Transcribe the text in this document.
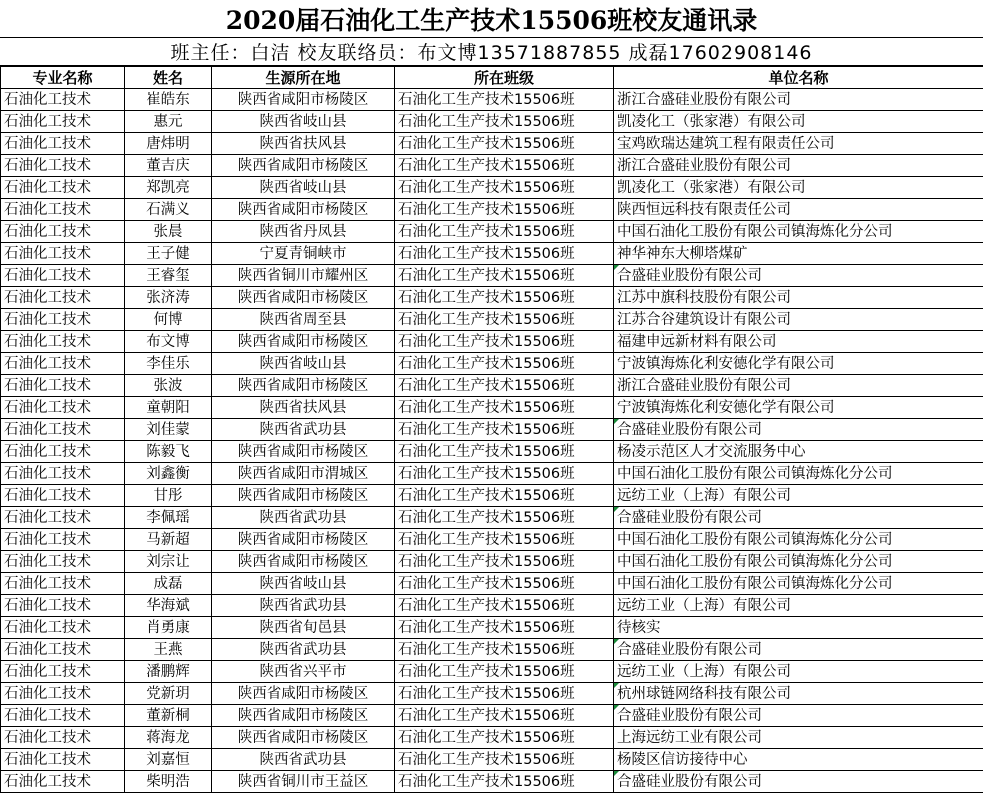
2020届石油化工生产技术15506班校友通讯录
班主任：白洁 校友联络员：布文博13571887855 成磊17602908146
专业名称	姓名	生源所在地	所在班级	单位名称
石油化工技术	崔皓东	陕西省咸阳市杨陵区	石油化工生产技术15506班	浙江合盛硅业股份有限公司
石油化工技术	惠元	陕西省岐山县	石油化工生产技术15506班	凯凌化工（张家港）有限公司
石油化工技术	唐炜明	陕西省扶风县	石油化工生产技术15506班	宝鸡欧瑞达建筑工程有限责任公司
石油化工技术	董吉庆	陕西省咸阳市杨陵区	石油化工生产技术15506班	浙江合盛硅业股份有限公司
石油化工技术	郑凯亮	陕西省岐山县	石油化工生产技术15506班	凯凌化工（张家港）有限公司
石油化工技术	石满义	陕西省咸阳市杨陵区	石油化工生产技术15506班	陕西恒远科技有限责任公司
石油化工技术	张晨	陕西省丹凤县	石油化工生产技术15506班	中国石油化工股份有限公司镇海炼化分公司
石油化工技术	王子健	宁夏青铜峡市	石油化工生产技术15506班	神华神东大柳塔煤矿
石油化工技术	王睿玺	陕西省铜川市耀州区	石油化工生产技术15506班	合盛硅业股份有限公司
石油化工技术	张济涛	陕西省咸阳市杨陵区	石油化工生产技术15506班	江苏中旗科技股份有限公司
石油化工技术	何博	陕西省周至县	石油化工生产技术15506班	江苏合谷建筑设计有限公司
石油化工技术	布文博	陕西省咸阳市杨陵区	石油化工生产技术15506班	福建申远新材料有限公司
石油化工技术	李佳乐	陕西省岐山县	石油化工生产技术15506班	宁波镇海炼化利安德化学有限公司
石油化工技术	张波	陕西省咸阳市杨陵区	石油化工生产技术15506班	浙江合盛硅业股份有限公司
石油化工技术	童朝阳	陕西省扶风县	石油化工生产技术15506班	宁波镇海炼化利安德化学有限公司
石油化工技术	刘佳蒙	陕西省武功县	石油化工生产技术15506班	合盛硅业股份有限公司
石油化工技术	陈毅飞	陕西省咸阳市杨陵区	石油化工生产技术15506班	杨凌示范区人才交流服务中心
石油化工技术	刘鑫衡	陕西省咸阳市渭城区	石油化工生产技术15506班	中国石油化工股份有限公司镇海炼化分公司
石油化工技术	甘彤	陕西省咸阳市杨陵区	石油化工生产技术15506班	远纺工业（上海）有限公司
石油化工技术	李佩瑶	陕西省武功县	石油化工生产技术15506班	合盛硅业股份有限公司
石油化工技术	马新超	陕西省咸阳市杨陵区	石油化工生产技术15506班	中国石油化工股份有限公司镇海炼化分公司
石油化工技术	刘宗让	陕西省咸阳市杨陵区	石油化工生产技术15506班	中国石油化工股份有限公司镇海炼化分公司
石油化工技术	成磊	陕西省岐山县	石油化工生产技术15506班	中国石油化工股份有限公司镇海炼化分公司
石油化工技术	华海斌	陕西省武功县	石油化工生产技术15506班	远纺工业（上海）有限公司
石油化工技术	肖勇康	陕西省旬邑县	石油化工生产技术15506班	待核实
石油化工技术	王燕	陕西省武功县	石油化工生产技术15506班	合盛硅业股份有限公司
石油化工技术	潘鹏辉	陕西省兴平市	石油化工生产技术15506班	远纺工业（上海）有限公司
石油化工技术	党新玥	陕西省咸阳市杨陵区	石油化工生产技术15506班	杭州球链网络科技有限公司
石油化工技术	董新桐	陕西省咸阳市杨陵区	石油化工生产技术15506班	合盛硅业股份有限公司
石油化工技术	蒋海龙	陕西省咸阳市杨陵区	石油化工生产技术15506班	上海远纺工业有限公司
石油化工技术	刘嘉恒	陕西省武功县	石油化工生产技术15506班	杨陵区信访接待中心
石油化工技术	柴明浩	陕西省铜川市王益区	石油化工生产技术15506班	合盛硅业股份有限公司
